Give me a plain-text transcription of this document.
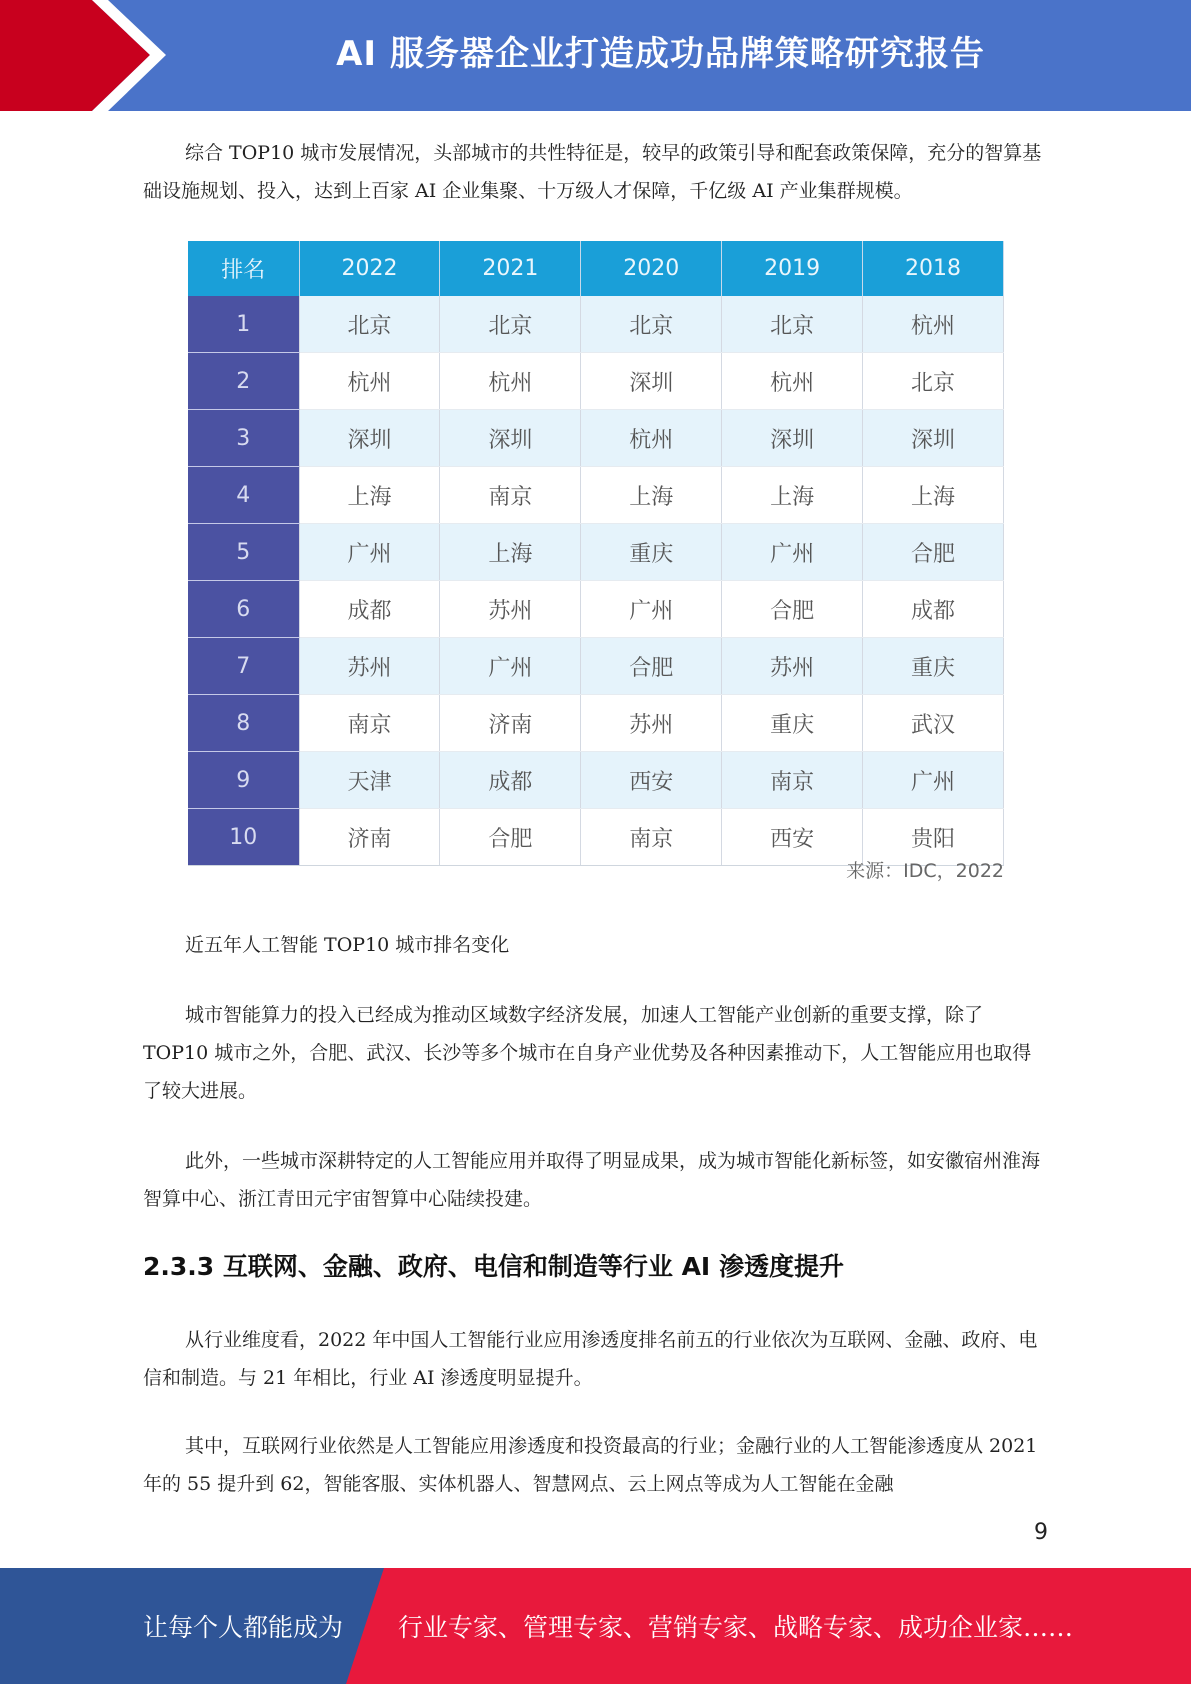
AI 服务器企业打造成功品牌策略研究报告

综合 TOP10 城市发展情况，头部城市的共性特征是，较早的政策引导和配套政策保障，充分的智算基础设施规划、投入，达到上百家 AI 企业集聚、十万级人才保障，千亿级 AI 产业集群规模。

排名	2022	2021	2020	2019	2018
1	北京	北京	北京	北京	杭州
2	杭州	杭州	深圳	杭州	北京
3	深圳	深圳	杭州	深圳	深圳
4	上海	南京	上海	上海	上海
5	广州	上海	重庆	广州	合肥
6	成都	苏州	广州	合肥	成都
7	苏州	广州	合肥	苏州	重庆
8	南京	济南	苏州	重庆	武汉
9	天津	成都	西安	南京	广州
10	济南	合肥	南京	西安	贵阳
来源：IDC，2022

近五年人工智能 TOP10 城市排名变化

城市智能算力的投入已经成为推动区域数字经济发展，加速人工智能产业创新的重要支撑，除了 TOP10 城市之外，合肥、武汉、长沙等多个城市在自身产业优势及各种因素推动下，人工智能应用也取得了较大进展。

此外，一些城市深耕特定的人工智能应用并取得了明显成果，成为城市智能化新标签，如安徽宿州淮海智算中心、浙江青田元宇宙智算中心陆续投建。

2.3.3 互联网、金融、政府、电信和制造等行业 AI 渗透度提升

从行业维度看，2022 年中国人工智能行业应用渗透度排名前五的行业依次为互联网、金融、政府、电信和制造。与 21 年相比，行业 AI 渗透度明显提升。

其中，互联网行业依然是人工智能应用渗透度和投资最高的行业；金融行业的人工智能渗透度从 2021 年的 55 提升到 62，智能客服、实体机器人、智慧网点、云上网点等成为人工智能在金融

9
让每个人都能成为 行业专家、管理专家、营销专家、战略专家、成功企业家……
